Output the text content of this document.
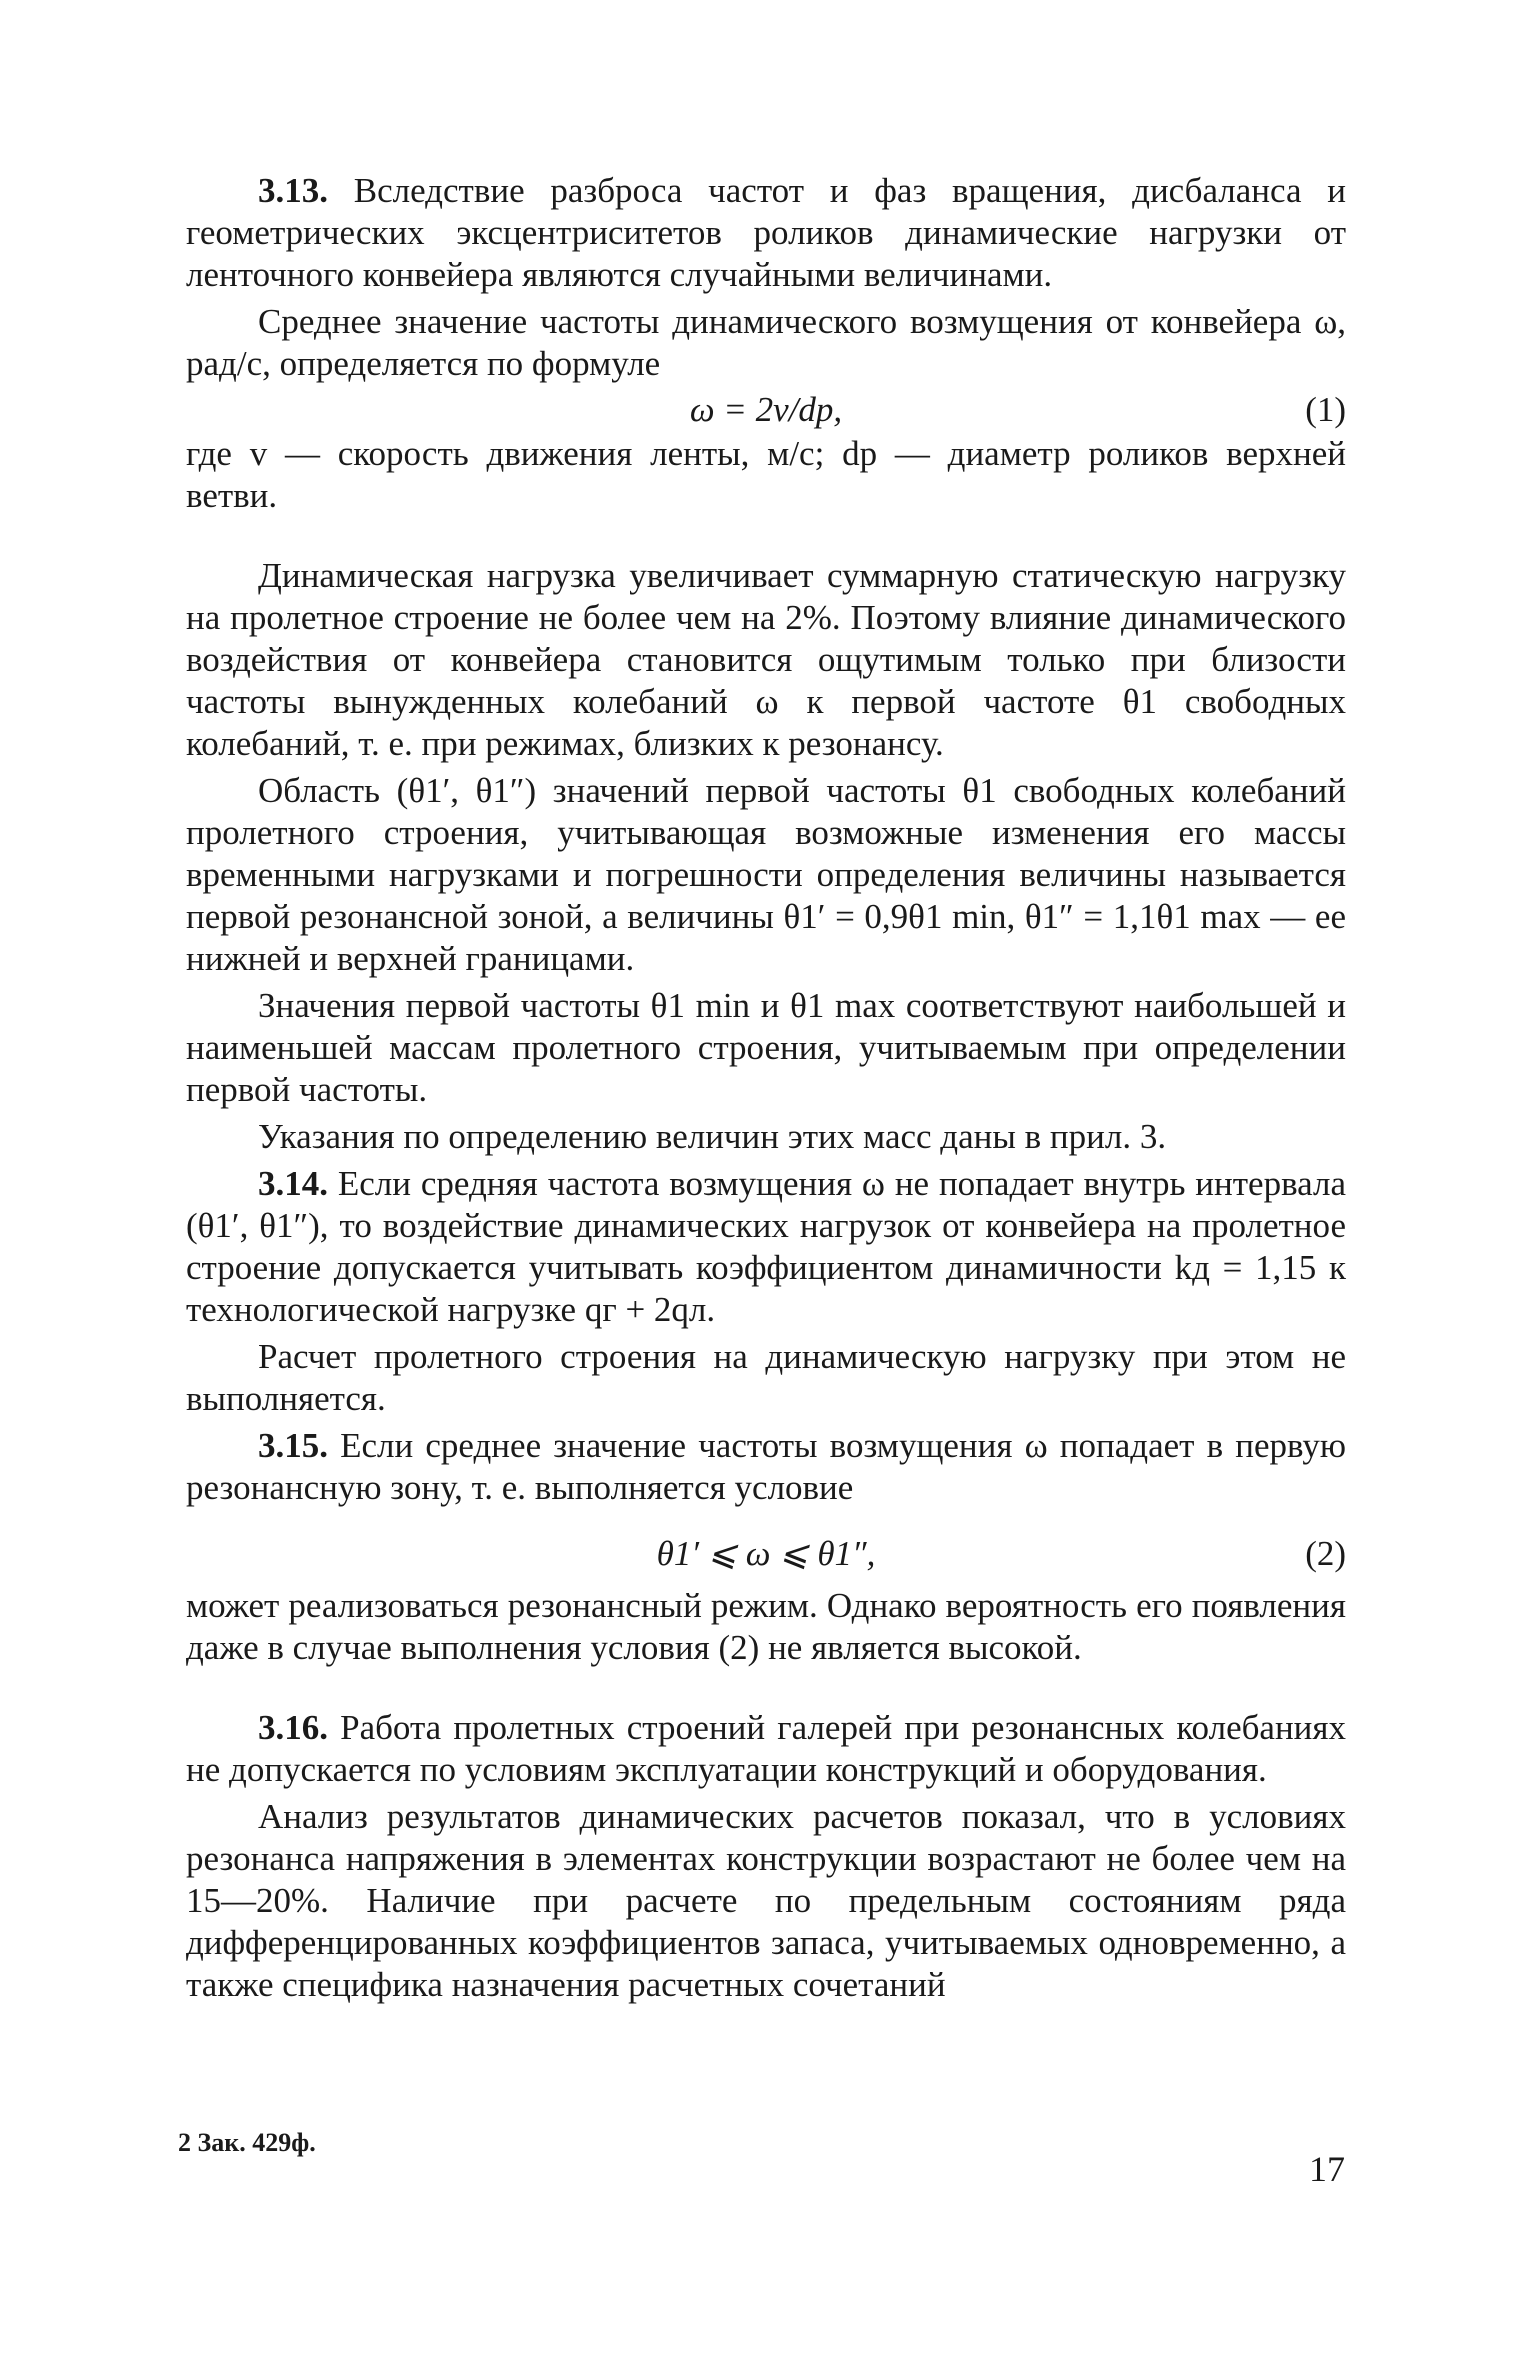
3.13. Вследствие разброса частот и фаз вращения, дисбаланса и геометрических эксцентриситетов роликов динамические нагрузки от ленточного конвейера являются случайными величинами.

Среднее значение частоты динамического возмущения от конвейера ω, рад/с, определяется по формуле

ω = 2v/dр,	(1)

где v — скорость движения ленты, м/с; dр — диаметр роликов верхней ветви.

Динамическая нагрузка увеличивает суммарную статическую нагрузку на пролетное строение не более чем на 2%. Поэтому влияние динамического воздействия от конвейера становится ощутимым только при близости частоты вынужденных колебаний ω к первой частоте θ1 свободных колебаний, т. е. при режимах, близких к резонансу.

Область (θ1′, θ1″) значений первой частоты θ1 свободных колебаний пролетного строения, учитывающая возможные изменения его массы временными нагрузками и погрешности определения величины называется первой резонансной зоной, а величины θ1′ = 0,9θ1 min, θ1″ = 1,1θ1 max — ее нижней и верхней границами.

Значения первой частоты θ1 min и θ1 max соответствуют наибольшей и наименьшей массам пролетного строения, учитываемым при определении первой частоты.

Указания по определению величин этих масс даны в прил. 3.

3.14. Если средняя частота возмущения ω не попадает внутрь интервала (θ1′, θ1″), то воздействие динамических нагрузок от конвейера на пролетное строение допускается учитывать коэффициентом динамичности kд = 1,15 к технологической нагрузке qг + 2qл.

Расчет пролетного строения на динамическую нагрузку при этом не выполняется.

3.15. Если среднее значение частоты возмущения ω попадает в первую резонансную зону, т. е. выполняется условие

θ1′ ⩽ ω ⩽ θ1″,	(2)

может реализоваться резонансный режим. Однако вероятность его появления даже в случае выполнения условия (2) не является высокой.

3.16. Работа пролетных строений галерей при резонансных колебаниях не допускается по условиям эксплуатации конструкций и оборудования.

Анализ результатов динамических расчетов показал, что в условиях резонанса напряжения в элементах конструкции возрастают не более чем на 15—20%. Наличие при расчете по предельным состояниям ряда дифференцированных коэффициентов запаса, учитываемых одновременно, а также специфика назначения расчетных сочетаний

2 Зак. 429ф.
17
